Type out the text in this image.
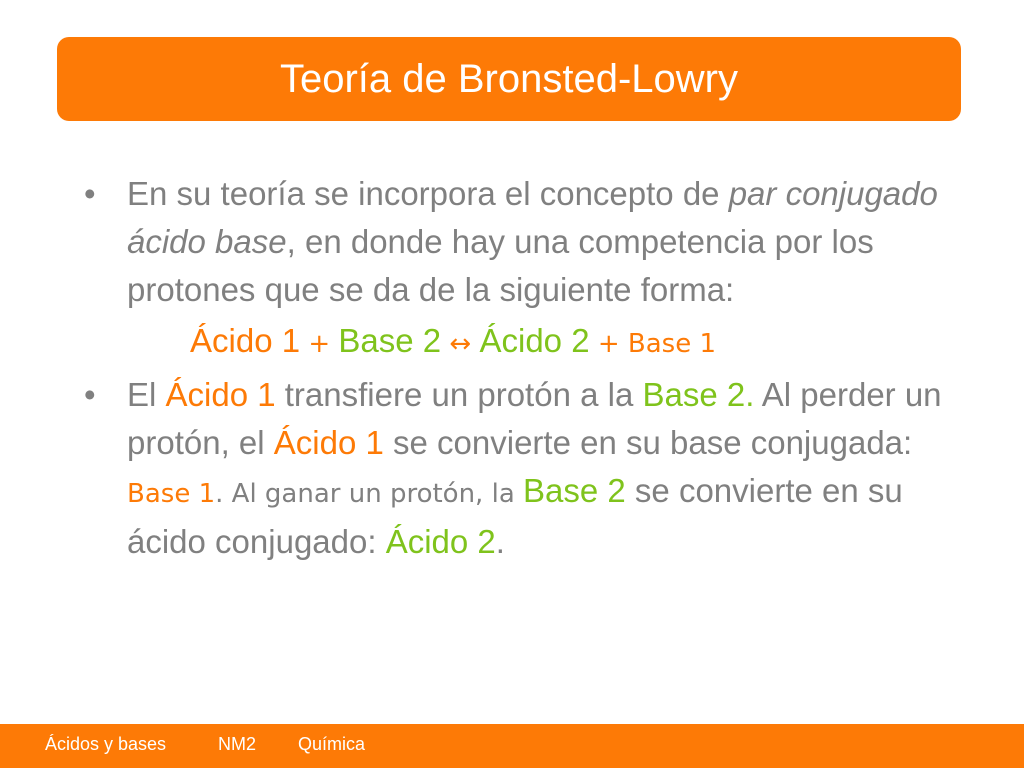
Teoría de Bronsted-Lowry

• En su teoría se incorpora el concepto de par conjugado ácido base, en donde hay una competencia por los protones que se da de la siguiente forma:

Ácido 1 + Base 2 ↔ Ácido 2 + Base 1

• El Ácido 1 transfiere un protón a la Base 2. Al perder un protón, el Ácido 1 se convierte en su base conjugada: Base 1. Al ganar un protón, la Base 2 se convierte en su ácido conjugado: Ácido 2.

Ácidos y bases	NM2 Química
